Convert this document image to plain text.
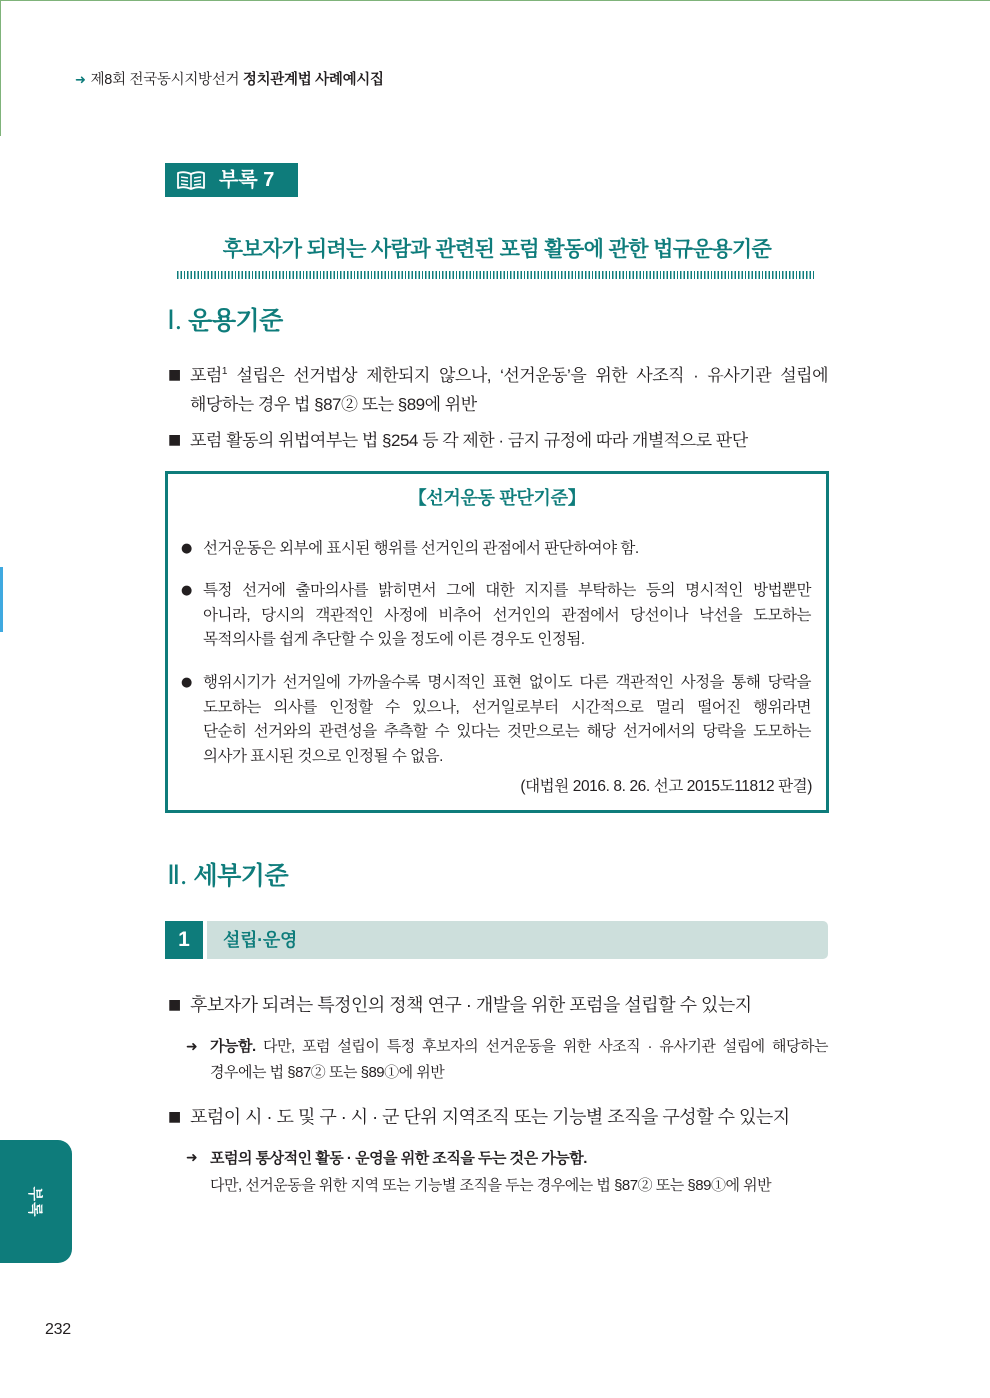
➜ 제8회 전국동시지방선거 정치관계법 사례예시집
부록 7
후보자가 되려는 사람과 관련된 포럼 활동에 관한 법규운용기준
Ⅰ. 운용기준
■ 포럼$^1$ 설립은 선거법상 제한되지 않으나, ‘선거운동’을 위한 사조직 · 유사기관 설립에
해당하는 경우 법 §87② 또는 §89에 위반
■ 포럼 활동의 위법여부는 법 §254 등 각 제한 · 금지 규정에 따라 개별적으로 판단
【선거운동 판단기준】
● 선거운동은 외부에 표시된 행위를 선거인의 관점에서 판단하여야 함.
● 특정 선거에 출마의사를 밝히면서 그에 대한 지지를 부탁하는 등의 명시적인 방법뿐만
아니라, 당시의 객관적인 사정에 비추어 선거인의 관점에서 당선이나 낙선을 도모하는
목적의사를 쉽게 추단할 수 있을 정도에 이른 경우도 인정됨.
● 행위시기가 선거일에 가까울수록 명시적인 표현 없이도 다른 객관적인 사정을 통해 당락을
도모하는 의사를 인정할 수 있으나, 선거일로부터 시간적으로 멀리 떨어진 행위라면
단순히 선거와의 관련성을 추측할 수 있다는 것만으로는 해당 선거에서의 당락을 도모하는
의사가 표시된 것으로 인정될 수 없음.
(대법원 2016. 8. 26. 선고 2015도11812 판결)
Ⅱ. 세부기준
1	설립·운영
■ 후보자가 되려는 특정인의 정책 연구 · 개발을 위한 포럼을 설립할 수 있는지
➜ 가능함. 다만, 포럼 설립이 특정 후보자의 선거운동을 위한 사조직 · 유사기관 설립에 해당하는
경우에는 법 §87② 또는 §89①에 위반
■ 포럼이 시 · 도 및 구 · 시 · 군 단위 지역조직 또는 기능별 조직을 구성할 수 있는지
➜ 포럼의 통상적인 활동 · 운영을 위한 조직을 두는 것은 가능함.
다만, 선거운동을 위한 지역 또는 기능별 조직을 두는 경우에는 법 §87② 또는 §89①에 위반
부록
232
